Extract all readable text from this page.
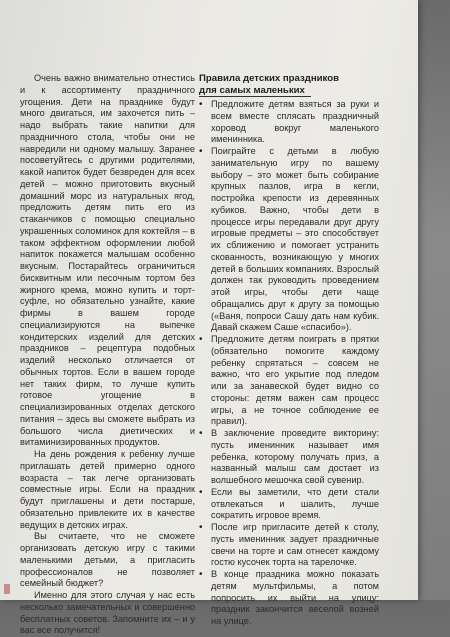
Очень важно внимательно отнестись и к ассортименту праздничного угощения. Дети на празднике будут много двигаться, им захочется пить – надо выбрать такие напитки для праздничного стола, чтобы они не навредили ни одному малышу. Заранее посоветуйтесь с другими родителями, какой напиток будет безвреден для всех детей – можно приготовить вкусный домашний морс из натуральных ягод, предложить детям пить его из стаканчиков с помощью специально украшенных соломинок для коктейля – в таком эффектном оформлении любой напиток покажется малышам особенно вкусным. Постарайтесь ограничиться бисквитным или песочным тортом без жирного крема, можно купить и торт-суфле, но обязательно узнайте, какие фирмы в вашем городе специализируются на выпечке кондитерских изделий для детских праздников – рецептура подобных изделий несколько отличается от обычных тортов. Если в вашем городе нет таких фирм, то лучше купить готовое угощение в специализированных отделах детского питания – здесь вы сможете выбрать из большого числа диетических и витаминизированных продуктов.

На день рождения к ребенку лучше приглашать детей примерно одного возраста – так легче организовать совместные игры. Если на праздник будут приглашены и дети постарше, обязательно привлеките их в качестве ведущих в детских играх.

Вы считаете, что не сможете организовать детскую игру с такими маленькими детьми, а пригласить профессионалов не позволяет семейный бюджет?

Именно для этого случая у нас есть несколько замечательных и совершенно бесплатных советов. Запомните их – и у вас все получится!

Правила детских праздников
для самых маленьких
• Предложите детям взяться за руки и всем вместе сплясать праздничный хоровод вокруг маленького именинника.
• Поиграйте с детьми в любую занимательную игру по вашему выбору – это может быть собирание крупных пазлов, игра в кегли, постройка крепости из деревянных кубиков. Важно, чтобы дети в процессе игры передавали друг другу игровые предметы – это способствует их сближению и помогает устранить скованность, возникающую у многих детей в больших компаниях. Взрослый должен так руководить проведением этой игры, чтобы дети чаще обращались друг к другу за помощью («Ваня, попроси Сашу дать нам кубик. Давай скажем Саше «спасибо»).
• Предложите детям поиграть в прятки (обязательно помогите каждому ребенку спрятаться – совсем не важно, что его укрытие под пледом или за занавеской будет видно со стороны: детям важен сам процесс игры, а не точное соблюдение ее правил).
• В заключение проведите викторину: пусть именинник называет имя ребенка, которому получать приз, а названный малыш сам достает из волшебного мешочка свой сувенир.
• Если вы заметили, что дети стали отвлекаться и шалить, лучше сократить игровое время.
• После игр пригласите детей к столу, пусть именинник задует праздничные свечи на торте и сам отнесет каждому гостю кусочек торта на тарелочке.
• В конце праздника можно показать детям мультфильмы, а потом попросить их выйти на улицу: праздник закончится веселой возней на улице.
